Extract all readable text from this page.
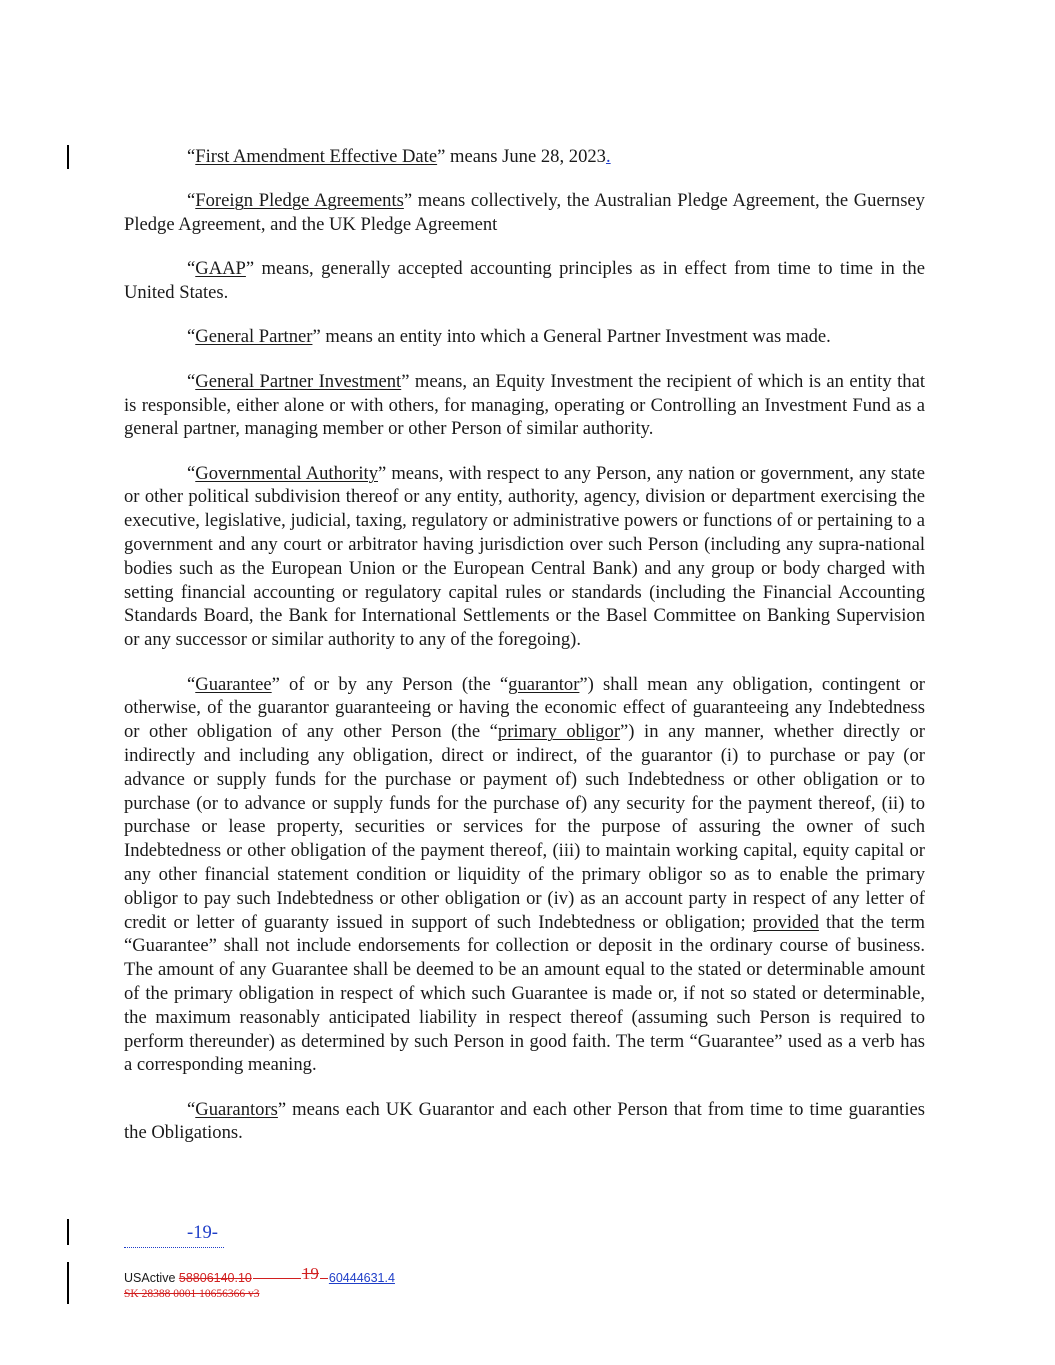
“First Amendment Effective Date” means June 28, 2023.

“Foreign Pledge Agreements” means collectively, the Australian Pledge Agreement, the Guernsey Pledge Agreement, and the UK Pledge Agreement

“GAAP” means, generally accepted accounting principles as in effect from time to time in the United States.

“General Partner” means an entity into which a General Partner Investment was made.

“General Partner Investment” means, an Equity Investment the recipient of which is an entity that is responsible, either alone or with others, for managing, operating or Controlling an Investment Fund as a general partner, managing member or other Person of similar authority.

“Governmental Authority” means, with respect to any Person, any nation or government, any state or other political subdivision thereof or any entity, authority, agency, division or department exercising the executive, legislative, judicial, taxing, regulatory or administrative powers or functions of or pertaining to a government and any court or arbitrator having jurisdiction over such Person (including any supra-national bodies such as the European Union or the European Central Bank) and any group or body charged with setting financial accounting or regulatory capital rules or standards (including the Financial Accounting Standards Board, the Bank for International Settlements or the Basel Committee on Banking Supervision or any successor or similar authority to any of the foregoing).

“Guarantee” of or by any Person (the “guarantor”) shall mean any obligation, contingent or otherwise, of the guarantor guaranteeing or having the economic effect of guaranteeing any Indebtedness or other obligation of any other Person (the “primary obligor”) in any manner, whether directly or indirectly and including any obligation, direct or indirect, of the guarantor (i) to purchase or pay (or advance or supply funds for the purchase or payment of) such Indebtedness or other obligation or to purchase (or to advance or supply funds for the purchase of) any security for the payment thereof, (ii) to purchase or lease property, securities or services for the purpose of assuring the owner of such Indebtedness or other obligation of the payment thereof, (iii) to maintain working capital, equity capital or any other financial statement condition or liquidity of the primary obligor so as to enable the primary obligor to pay such Indebtedness or other obligation or (iv) as an account party in respect of any letter of credit or letter of guaranty issued in support of such Indebtedness or obligation; provided that the term “Guarantee” shall not include endorsements for collection or deposit in the ordinary course of business. The amount of any Guarantee shall be deemed to be an amount equal to the stated or determinable amount of the primary obligation in respect of which such Guarantee is made or, if not so stated or determinable, the maximum reasonably anticipated liability in respect thereof (assuming such Person is required to perform thereunder) as determined by such Person in good faith. The term “Guarantee” used as a verb has a corresponding meaning.

“Guarantors” means each UK Guarantor and each other Person that from time to time guaranties the Obligations.

-19-
USActive 58806140.10	19 60444631.4
SK 28388 0001 10656366 v3
